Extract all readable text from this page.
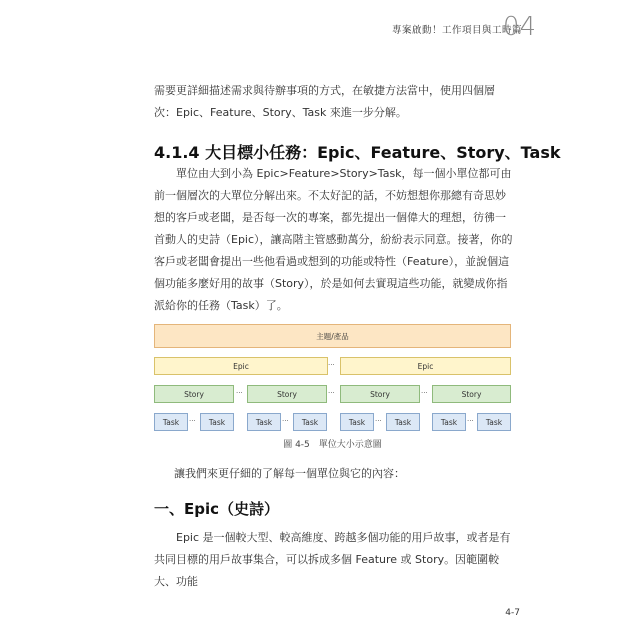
專案啟動！工作項目與工時篇
04

需要更詳細描述需求與待辦事項的方式，在敏捷方法當中，使用四個層次：Epic、Feature、Story、Task 來進一步分解。

4.1.4 大目標小任務：Epic、Feature、Story、Task

單位由大到小為 Epic>Feature>Story>Task，每一個小單位都可由前一個層次的大單位分解出來。不太好記的話，不妨想想你那總有奇思妙想的客戶或老闆，是否每一次的專案，都先提出一個偉大的理想，彷彿一首動人的史詩（Epic），讓高階主管感動萬分，紛紛表示同意。接著，你的客戶或老闆會提出一些他看過或想到的功能或特性（Feature），並說個這個功能多麼好用的故事（Story），於是如何去實現這些功能，就變成你指派給你的任務（Task）了。

主題/產品
Epic	···	Epic
Story	···	Story	···	Story	···	Story
Task	···	Task	Task	···	Task	Task	···	Task	Task	···	Task
圖 4-5　單位大小示意圖

讓我們來更仔細的了解每一個單位與它的內容：

一、Epic（史詩）

Epic 是一個較大型、較高維度、跨越多個功能的用戶故事，或者是有共同目標的用戶故事集合，可以拆成多個 Feature 或 Story。因範圍較大、功能

4-7
